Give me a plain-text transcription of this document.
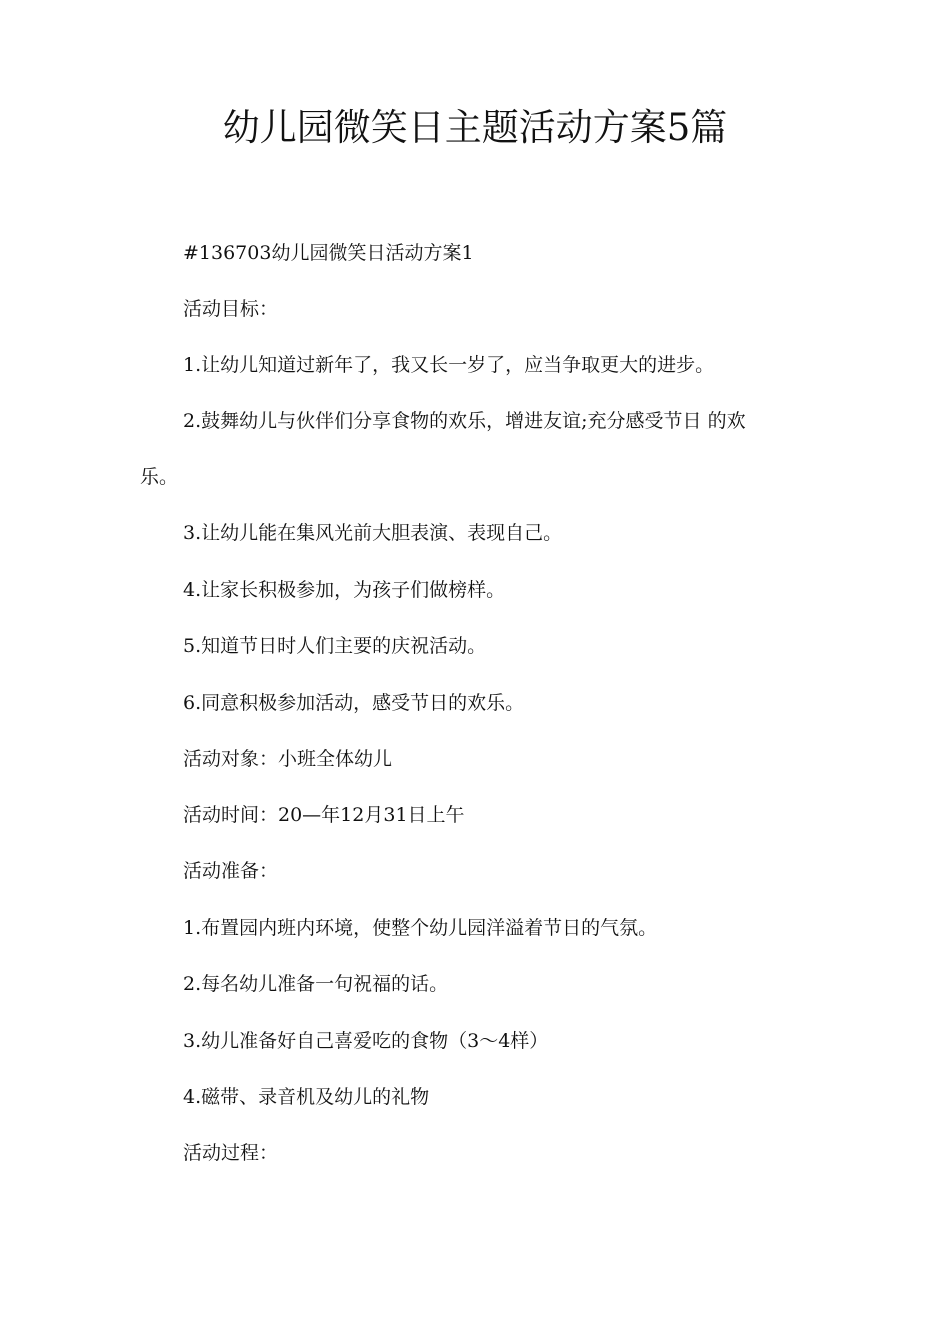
幼儿园微笑日主题活动方案5篇
#136703幼儿园微笑日活动方案1
活动目标：
1.让幼儿知道过新年了，我又长一岁了，应当争取更大的进步。
2.鼓舞幼儿与伙伴们分享食物的欢乐，增进友谊;充分感受节日 的欢
乐。
3.让幼儿能在集风光前大胆表演、表现自己。
4.让家长积极参加，为孩子们做榜样。
5.知道节日时人们主要的庆祝活动。
6.同意积极参加活动，感受节日的欢乐。
活动对象：小班全体幼儿
活动时间：20—年12月31日上午
活动准备：
1.布置园内班内环境，使整个幼儿园洋溢着节日的气氛。
2.每名幼儿准备一句祝福的话。
3.幼儿准备好自己喜爱吃的食物（3〜4样）
4.磁带、录音机及幼儿的礼物
活动过程：
